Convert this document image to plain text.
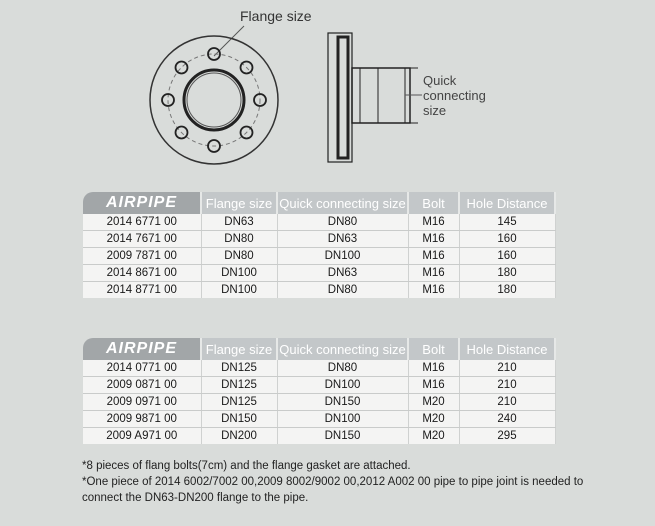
Flange size
Quick
connecting
size
AIRPIPE	Flange size	Quick connecting size	Bolt	Hole Distance
2014 6771 00	DN63	DN80	M16	145
2014 7671 00	DN80	DN63	M16	160
2009 7871 00	DN80	DN100	M16	160
2014 8671 00	DN100	DN63	M16	180
2014 8771 00	DN100	DN80	M16	180
AIRPIPE	Flange size	Quick connecting size	Bolt	Hole Distance
2014 0771 00	DN125	DN80	M16	210
2009 0871 00	DN125	DN100	M16	210
2009 0971 00	DN125	DN150	M20	210
2009 9871 00	DN150	DN100	M20	240
2009 A971 00	DN200	DN150	M20	295

*8 pieces of flang bolts(7cm) and the flange gasket are attached.

*One piece of 2014 6002/7002 00,2009 8002/9002 00,2012 A002 00 pipe to pipe joint is needed to

connect the DN63-DN200 flange to the pipe.
